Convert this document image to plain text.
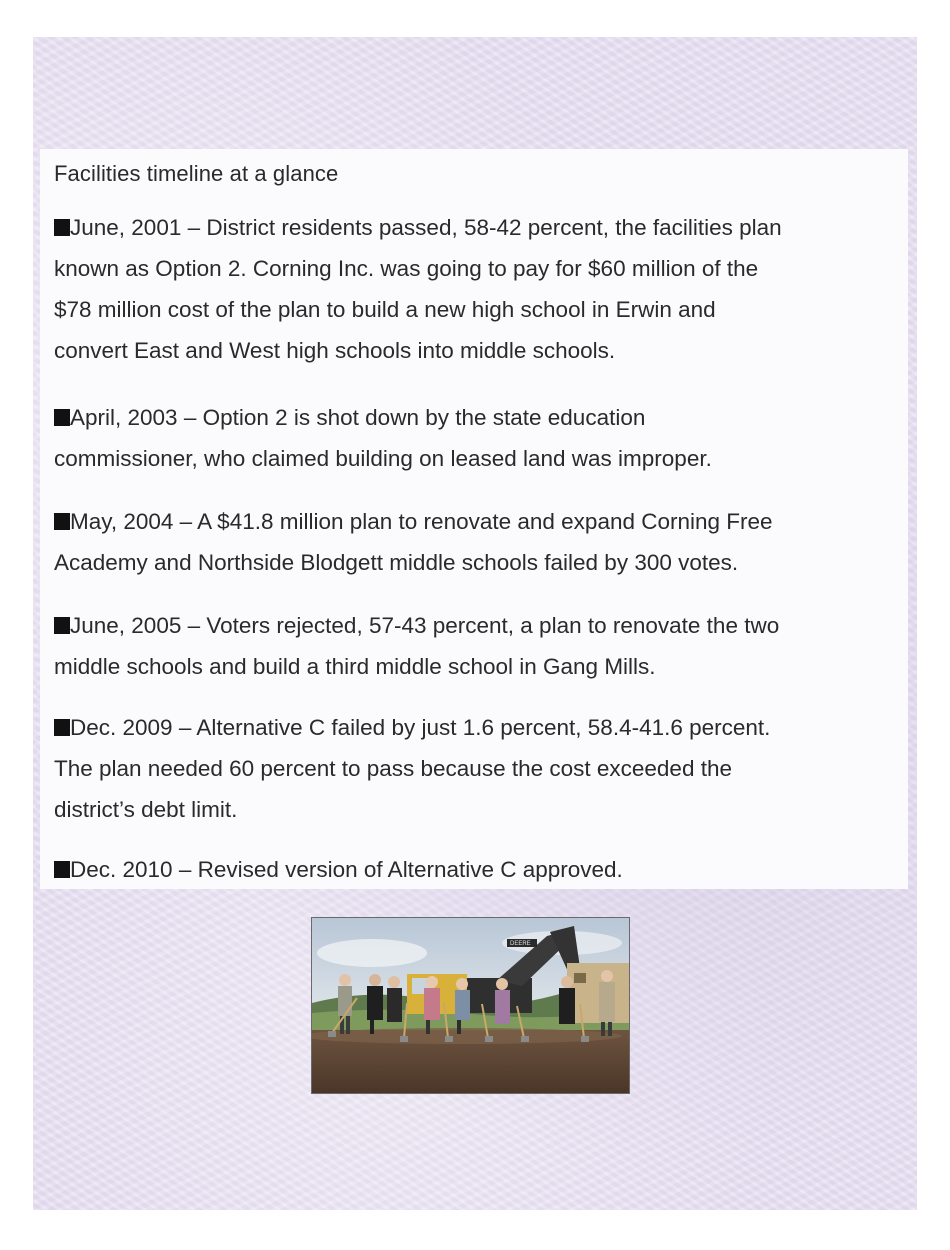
Facilities timeline at a glance
June, 2001 – District residents passed, 58-42 percent, the facilities plan
known as Option 2. Corning Inc. was going to pay for $60 million of the
$78 million cost of the plan to build a new high school in Erwin and
convert East and West high schools into middle schools.
April, 2003 – Option 2 is shot down by the state education
commissioner, who claimed building on leased land was improper.
May, 2004 – A $41.8 million plan to renovate and expand Corning Free
Academy and Northside Blodgett middle schools failed by 300 votes.
June, 2005 – Voters rejected, 57-43 percent, a plan to renovate the two
middle schools and build a third middle school in Gang Mills.
Dec. 2009 – Alternative C failed by just 1.6 percent, 58.4-41.6 percent.
The plan needed 60 percent to pass because the cost exceeded the
district’s debt limit.
Dec. 2010 – Revised version of Alternative C approved.
DEERE
